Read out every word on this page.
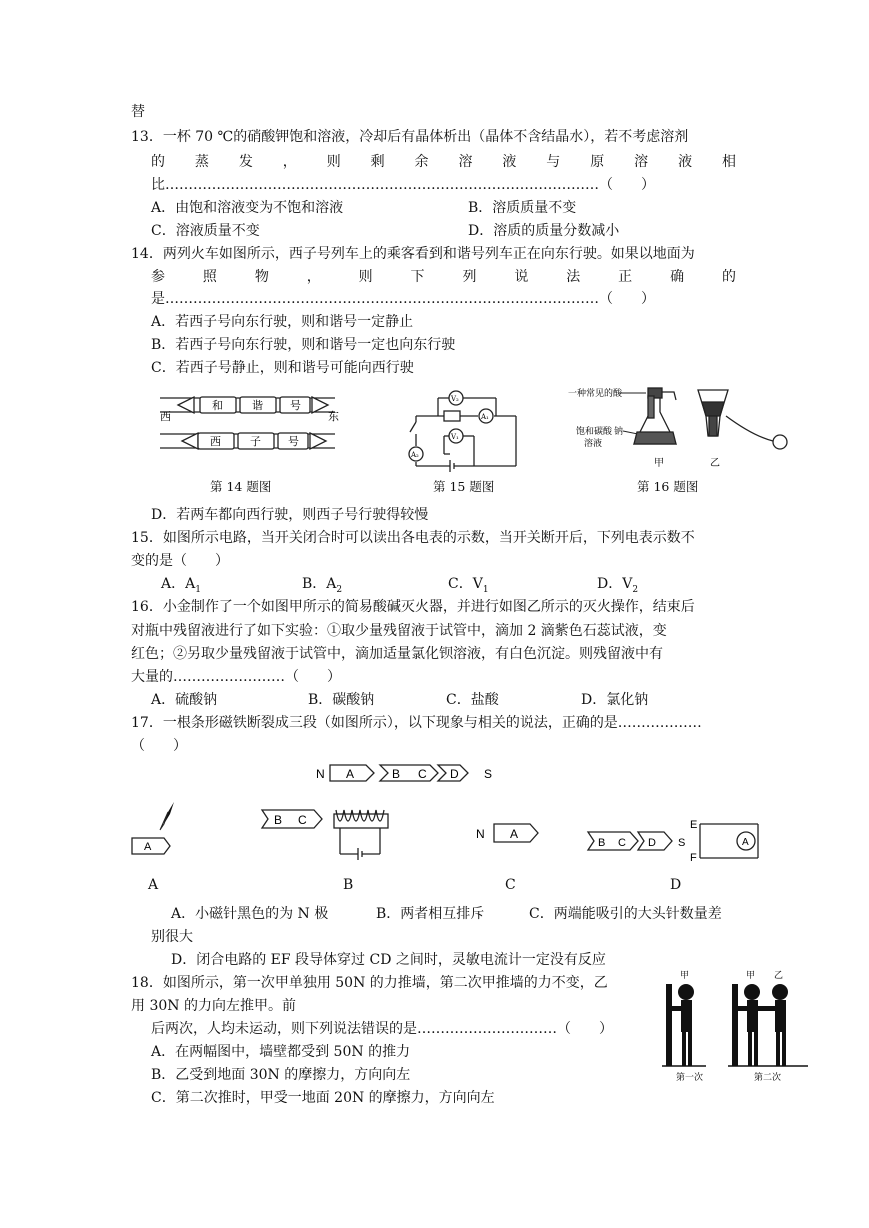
替
13．一杯 70 ℃的硝酸钾饱和溶液，冷却后有晶体析出（晶体不含结晶水），若不考虑溶剂
的 蒸 发 ， 则 剩 余 溶 液 与 原 溶 液 相
比…………………………………………………………………………………（　　）
A．由饱和溶液变为不饱和溶液	B．溶质质量不变
C．溶液质量不变	D．溶质的质量分数减小
14．两列火车如图所示，西子号列车上的乘客看到和谐号列车正在向东行驶。如果以地面为
参	照	物	，	则	下	列	说	法	正	确	的
是…………………………………………………………………………………（　　）
A．若西子号向东行驶，则和谐号一定静止
B．若西子号向东行驶，则和谐号一定也向东行驶
C．若西子号静止，则和谐号可能向西行驶
西	东
和	谐 号
西	子 号
第 14 题图
V₂
A₁
V₁
A₂
第 15 题图
一种常见的酸
饱和碳酸 钠
溶液
甲	乙
第 16 题图
D．若两车都向西行驶，则西子号行驶得较慢
15．如图所示电路，当开关闭合时可以读出各电表的示数，当开关断开后，下列电表示数不
变的是（　　）
A．$A_1$	B．$A_2$	C．$V_1$	D．$V_2$
16．小金制作了一个如图甲所示的简易酸碱灭火器，并进行如图乙所示的灭火操作，结束后
对瓶中残留液进行了如下实验：①取少量残留液于试管中，滴加 2 滴紫色石蕊试液，变
红色；②另取少量残留液于试管中，滴加适量氯化钡溶液，有白色沉淀。则残留液中有
大量的……………………（　　）
A．硫酸钠	B．碳酸钠	C．盐酸	D．氯化钠
17．一根条形磁铁断裂成三段（如图所示），以下现象与相关的说法，正确的是………………
（　　）
N A	B C D S
A
B C
N A
B C D S
E
F
A
A	B	C	D
A．小磁针黑色的为 N 极	B．两者相互排斥	C．两端能吸引的大头针数量差
别很大
D．闭合电路的 EF 段导体穿过 CD 之间时，灵敏电流计一定没有反应
18．如图所示，第一次甲单独用 50N 的力推墙，第二次甲推墙的力不变，乙
用 30N 的力向左推甲。前
后两次，人均未运动，则下列说法错误的是…………………………（　　）
A．在两幅图中，墙壁都受到 50N 的推力
B．乙受到地面 30N 的摩擦力，方向向左
C．第二次推时，甲受一地面 20N 的摩擦力，方向向左
甲	甲 乙
第一次	第二次
